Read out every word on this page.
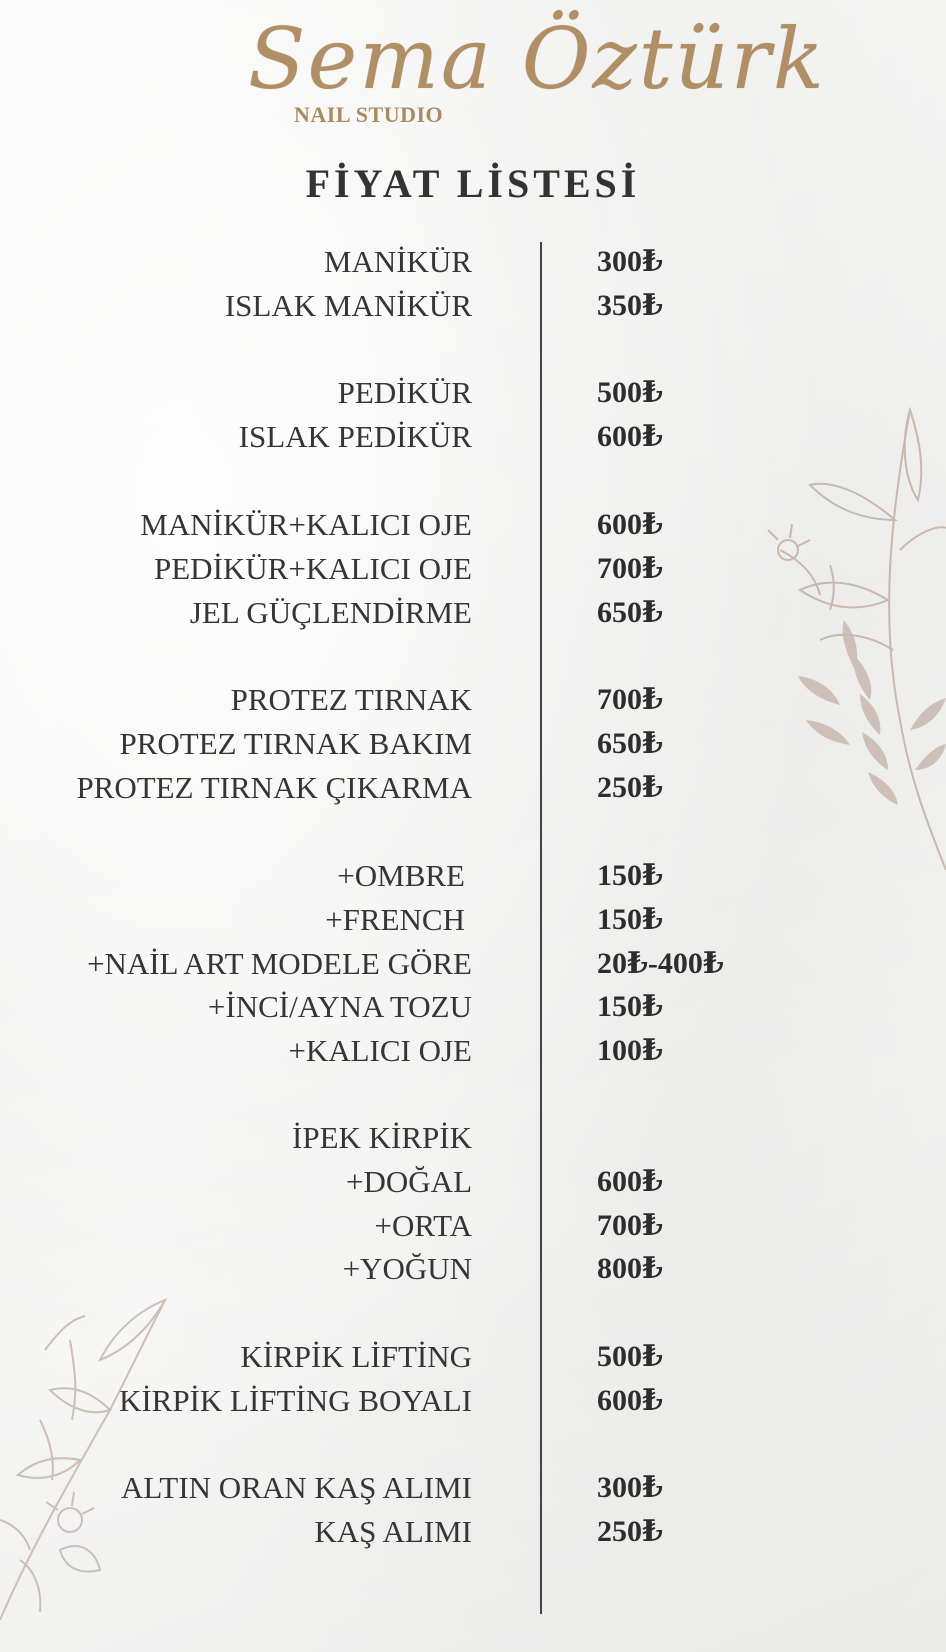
Sema Öztürk
NAIL STUDIO
FİYAT LİSTESİ
MANİKÜR	300₺
ISLAK MANİKÜR	350₺
PEDİKÜR	500₺
ISLAK PEDİKÜR	600₺
MANİKÜR+KALICI OJE	600₺
PEDİKÜR+KALICI OJE	700₺
JEL GÜÇLENDİRME	650₺
PROTEZ TIRNAK	700₺
PROTEZ TIRNAK BAKIM	650₺
PROTEZ TIRNAK ÇIKARMA	250₺
+OMBRE	150₺
+FRENCH	150₺
+NAİL ART MODELE GÖRE	20₺-400₺
+İNCİ/AYNA TOZU	150₺
+KALICI OJE	100₺
İPEK KİRPİK
+DOĞAL	600₺
+ORTA	700₺
+YOĞUN	800₺
KİRPİK LİFTİNG	500₺
KİRPİK LİFTİNG BOYALI	600₺
ALTIN ORAN KAŞ ALIMI	300₺
KAŞ ALIMI	250₺
